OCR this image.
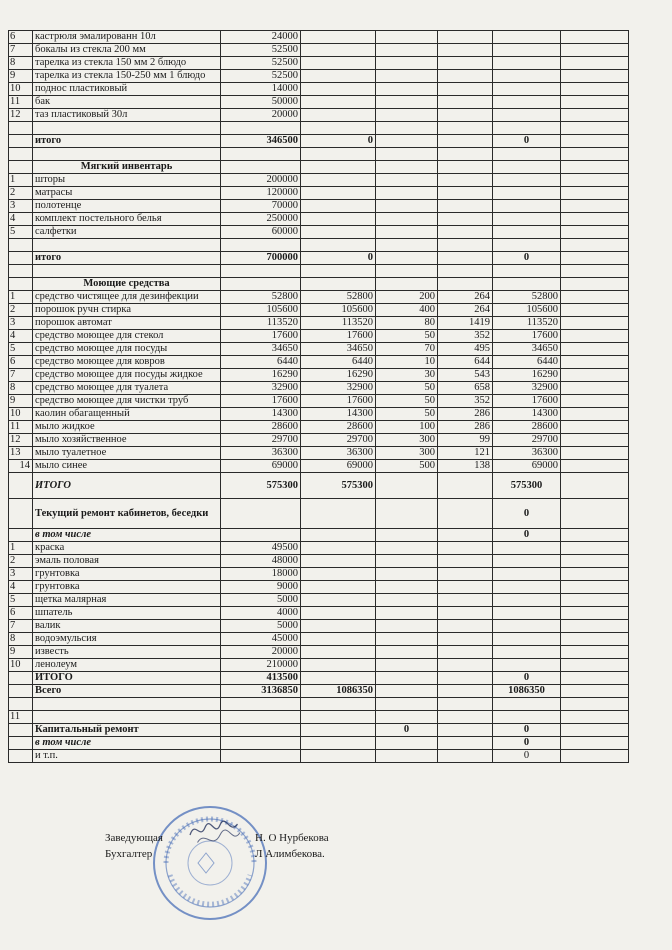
6	кастрюля эмалированн 10л	24000					
7	бокалы из стекла 200 мм	52500					
8	тарелка из стекла 150 мм 2 блюдо	52500					
9	тарелка из стекла 150-250 мм 1 блюдо	52500					
10	поднос пластиковый	14000					
11	бак	50000					
12	таз пластиковый 30л	20000					

	итого	346500	0			0	

	Мягкий инвентарь						
1	шторы	200000					
2	матрасы	120000					
3	полотенце	70000					
4	комплект постельного белья	250000					
5	салфетки	60000					

	итого	700000	0			0	

	Моющие средства						
1	средство чистящее для дезинфекции	52800	52800	200	264	52800	
2	порошок ручн стирка	105600	105600	400	264	105600	
3	порошок автомат	113520	113520	80	1419	113520	
4	средство моющее для стекол	17600	17600	50	352	17600	
5	средство моющее для посуды	34650	34650	70	495	34650	
6	средство моющее для ковров	6440	6440	10	644	6440	
7	средство моющее для посуды жидкое	16290	16290	30	543	16290	
8	средство моющее для туалета	32900	32900	50	658	32900	
9	средство моющее для чистки труб	17600	17600	50	352	17600	
10	каолин обагащенный	14300	14300	50	286	14300	
11	мыло жидкое	28600	28600	100	286	28600	
12	мыло хозяйственное	29700	29700	300	99	29700	
13	мыло туалетное	36300	36300	300	121	36300	
14	мыло синее	69000	69000	500	138	69000	
	ИТОГО	575300	575300			575300	
	Текущий ремонт кабинетов, беседки					0	
	в том числе					0	
1	краска	49500					
2	эмаль половая	48000					
3	грунтовка	18000					
4	грунтовка	9000					
5	щетка малярная	5000					
6	шпатель	4000					
7	валик	5000					
8	водоэмульсия	45000					
9	известь	20000					
10	ленолеум	210000					
	ИТОГО	413500				0	
	Всего	3136850	1086350			1086350	

11							
	Капитальный ремонт			0		0	
	в том числе					0	
	и т.п.					0	
Заведующая	Н. О Нурбекова
Бухгалтер	Л Алимбекова.
